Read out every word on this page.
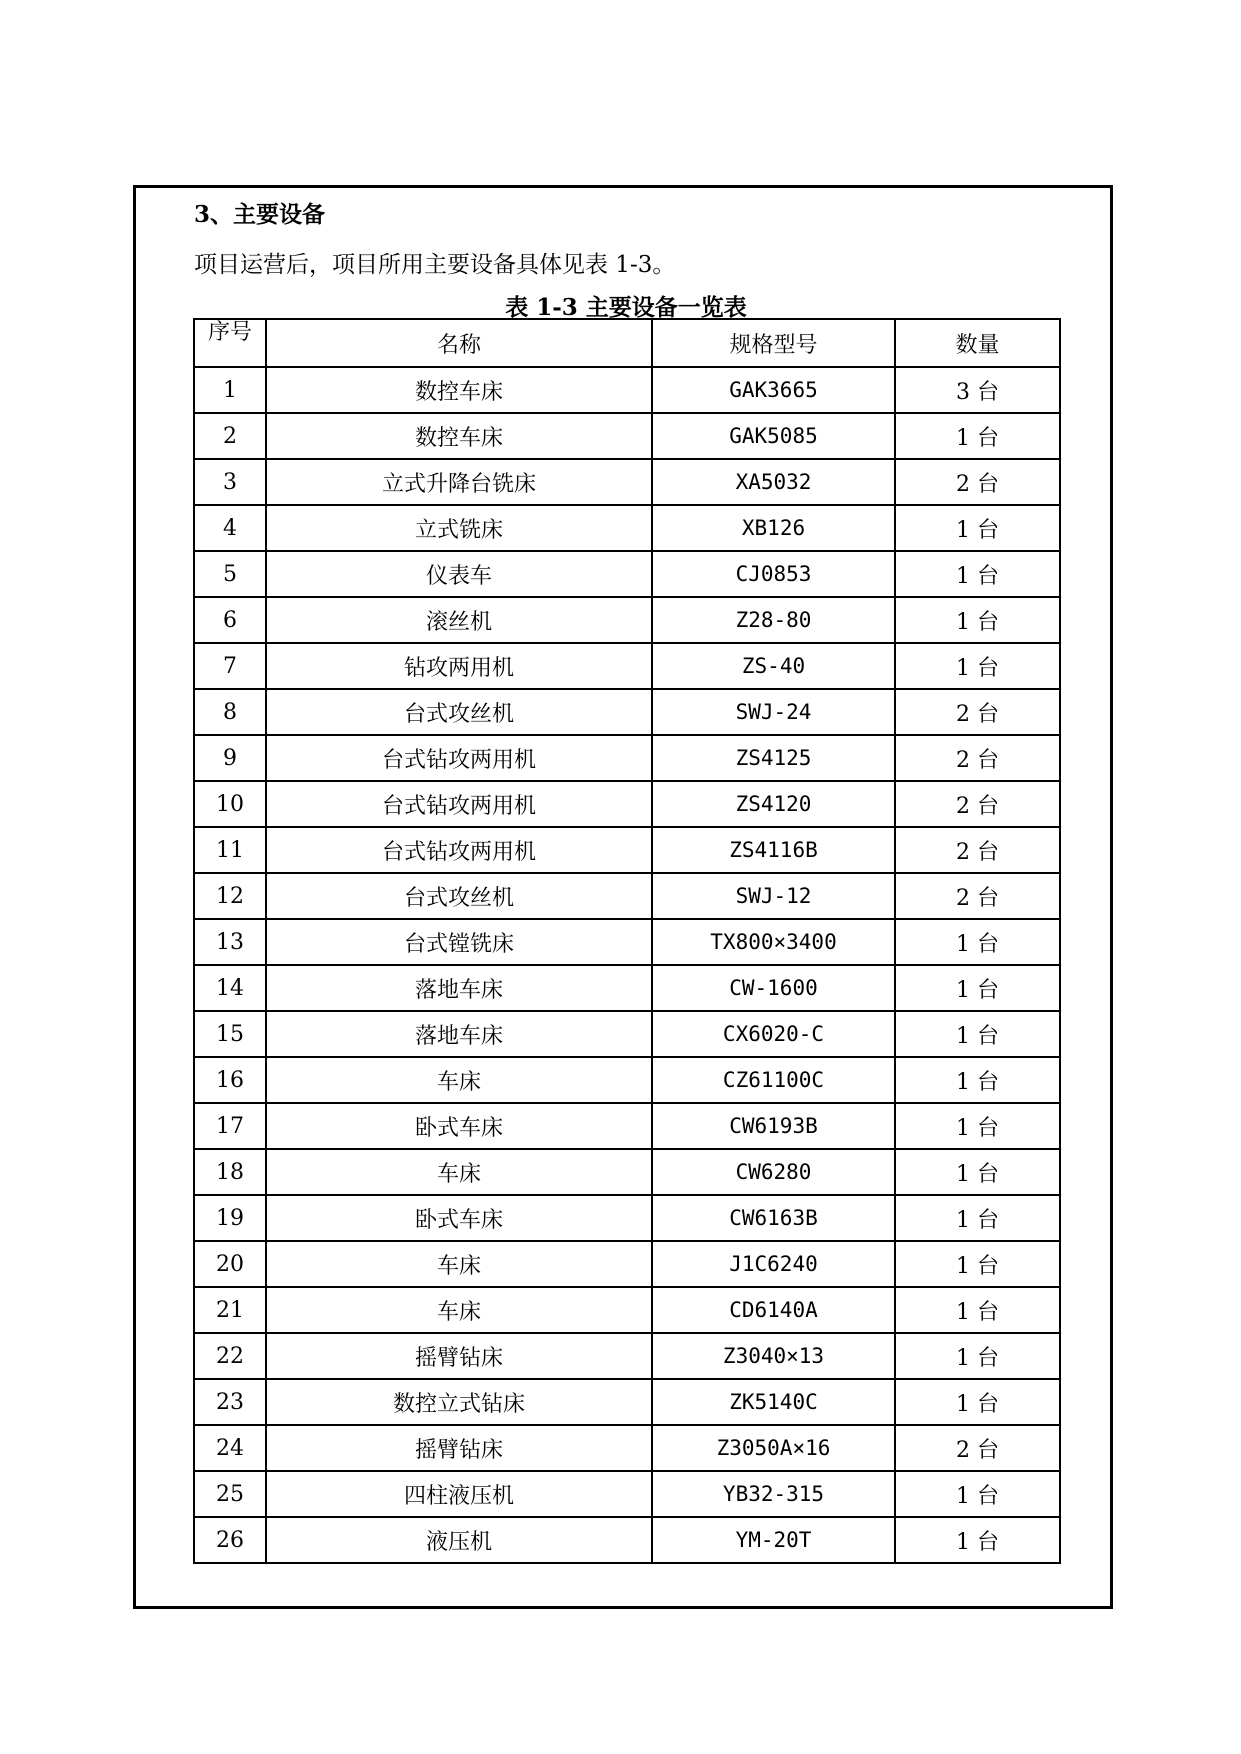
3、主要设备
项目运营后，项目所用主要设备具体见表 1-3。
表 1-3 主要设备一览表
序号	名称	规格型号	数量
1	数控车床	GAK3665	3 台
2	数控车床	GAK5085	1 台
3	立式升降台铣床	XA5032	2 台
4	立式铣床	XB126	1 台
5	仪表车	CJ0853	1 台
6	滚丝机	Z28-80	1 台
7	钻攻两用机	ZS-40	1 台
8	台式攻丝机	SWJ-24	2 台
9	台式钻攻两用机	ZS4125	2 台
10	台式钻攻两用机	ZS4120	2 台
11	台式钻攻两用机	ZS4116B	2 台
12	台式攻丝机	SWJ-12	2 台
13	台式镗铣床	TX800×3400	1 台
14	落地车床	CW-1600	1 台
15	落地车床	CX6020-C	1 台
16	车床	CZ61100C	1 台
17	卧式车床	CW6193B	1 台
18	车床	CW6280	1 台
19	卧式车床	CW6163B	1 台
20	车床	J1C6240	1 台
21	车床	CD6140A	1 台
22	摇臂钻床	Z3040×13	1 台
23	数控立式钻床	ZK5140C	1 台
24	摇臂钻床	Z3050A×16	2 台
25	四柱液压机	YB32-315	1 台
26	液压机	YM-20T	1 台
